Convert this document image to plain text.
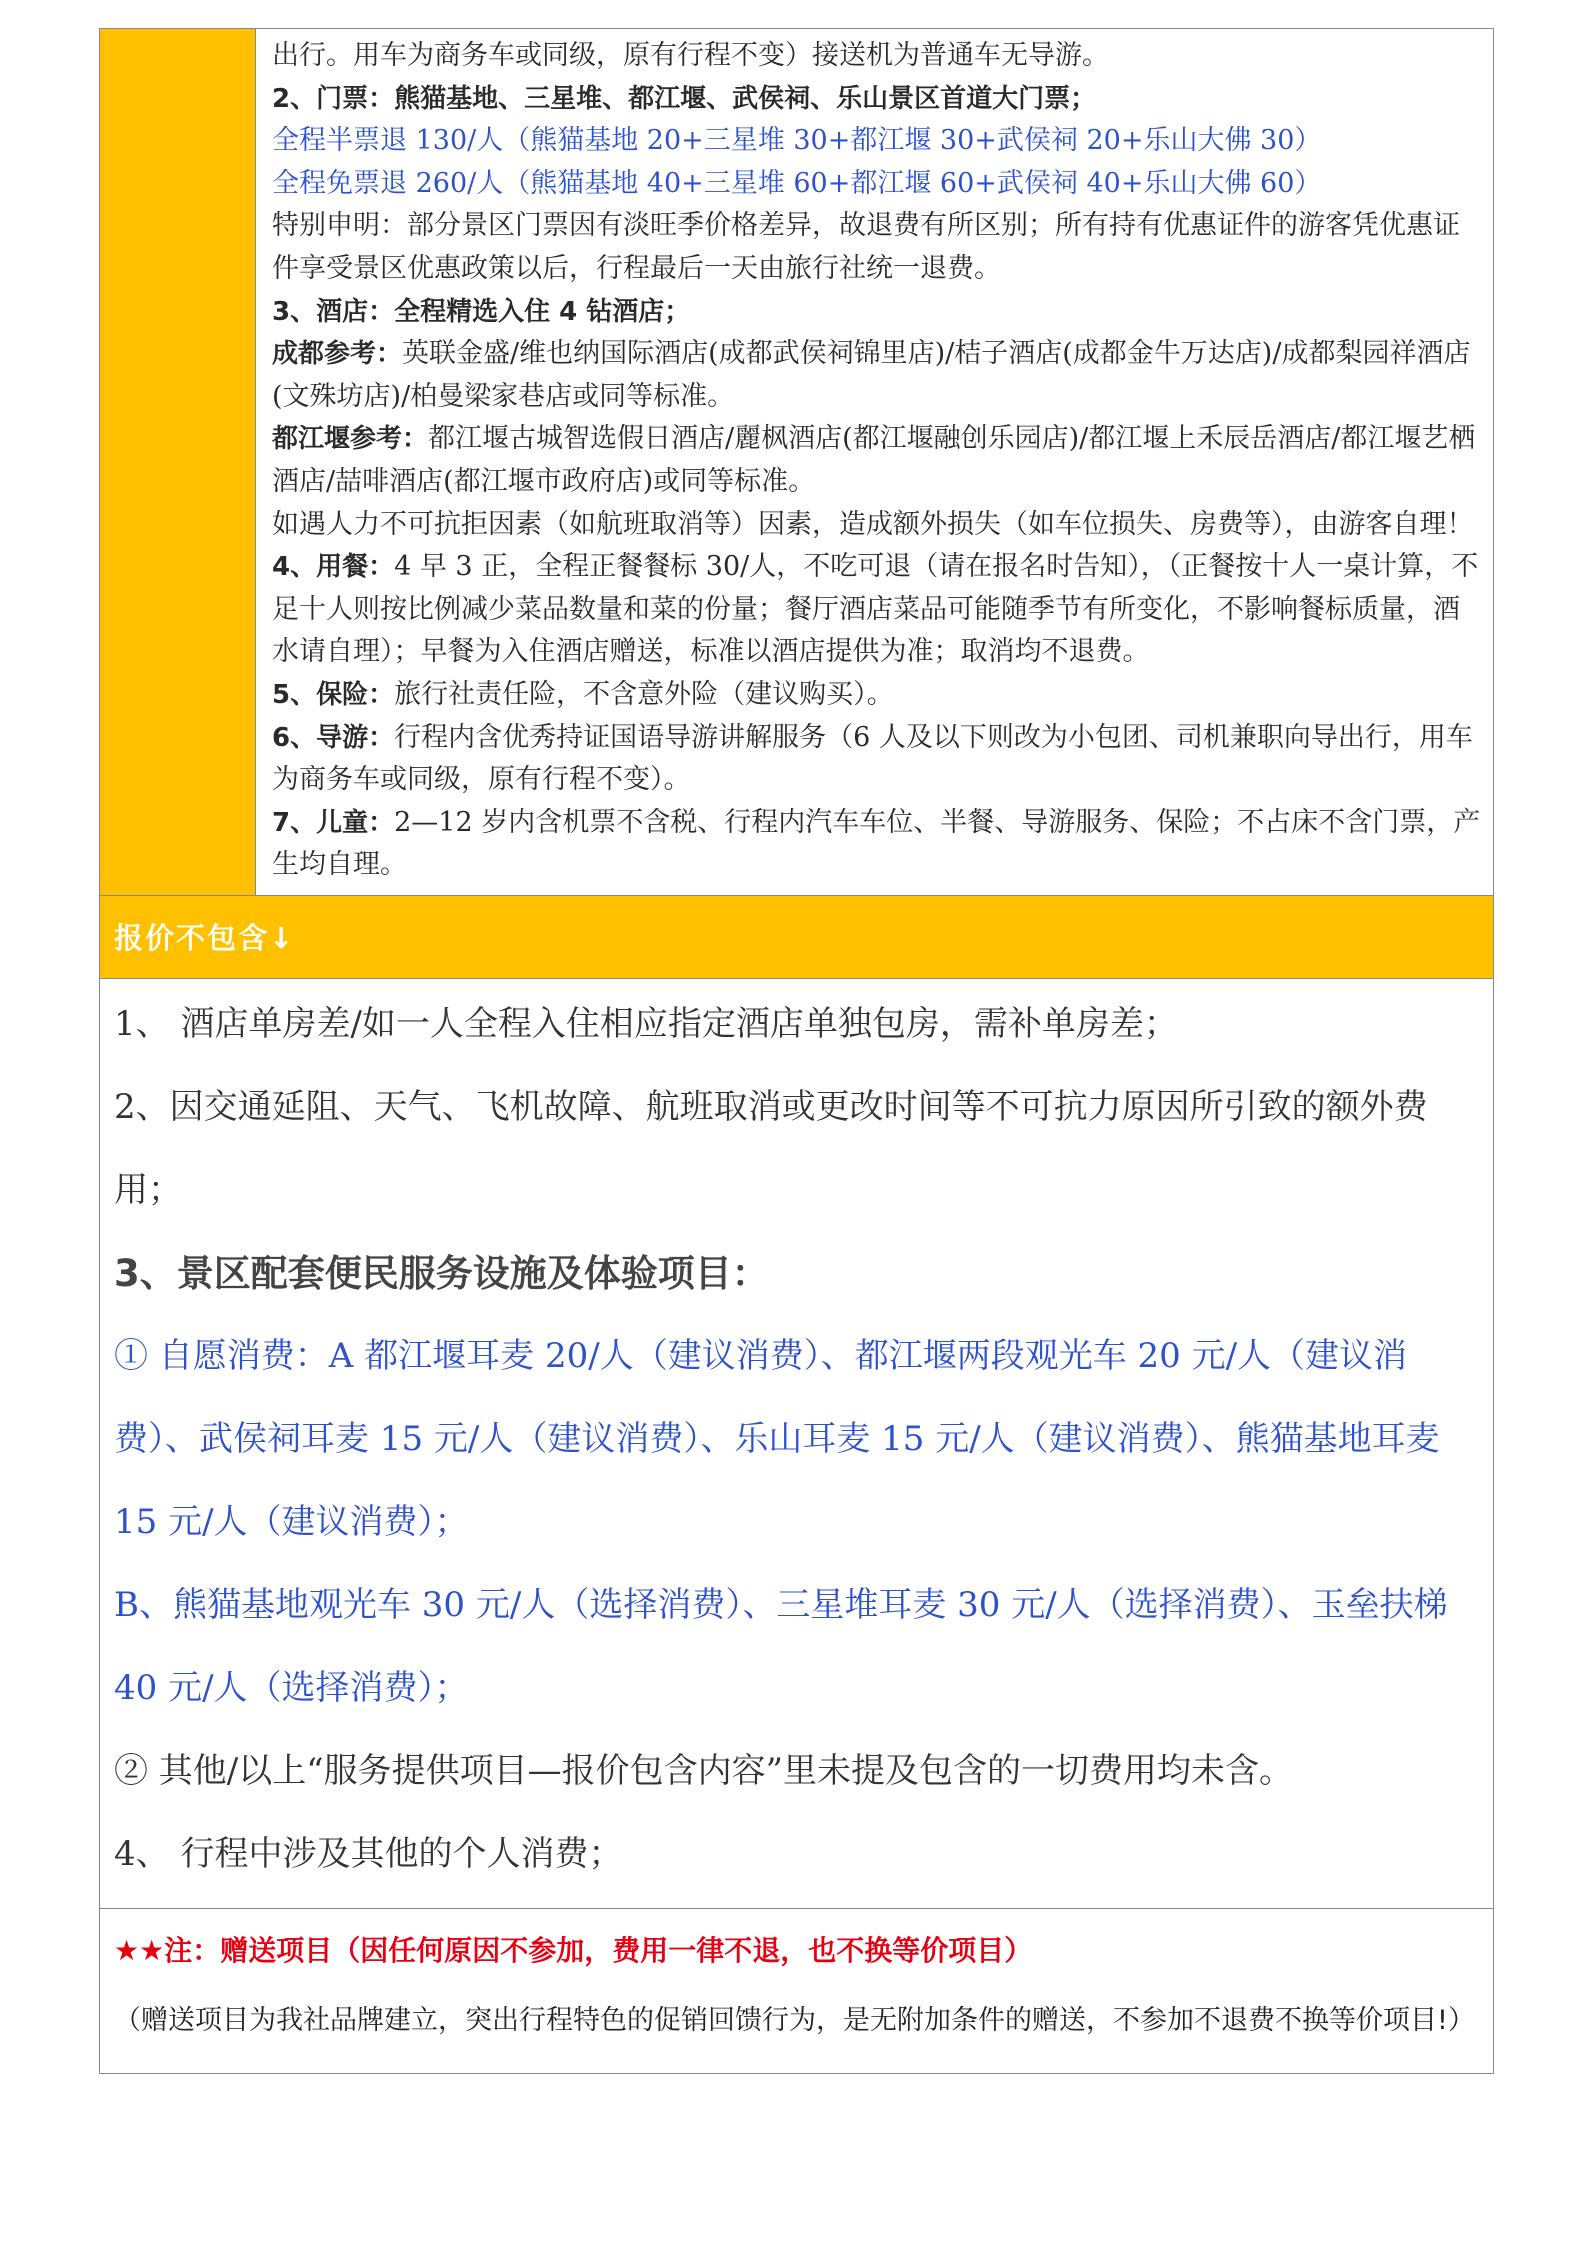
出行。用车为商务车或同级，原有行程不变）接送机为普通车无导游。

2、门票：熊猫基地、三星堆、都江堰、武侯祠、乐山景区首道大门票；

全程半票退 130/人（熊猫基地 20+三星堆 30+都江堰 30+武侯祠 20+乐山大佛 30）

全程免票退 260/人（熊猫基地 40+三星堆 60+都江堰 60+武侯祠 40+乐山大佛 60）

特别申明：部分景区门票因有淡旺季价格差异，故退费有所区别；所有持有优惠证件的游客凭优惠证件享受景区优惠政策以后，行程最后一天由旅行社统一退费。

3、酒店：全程精选入住 4 钻酒店；

成都参考：英联金盛/维也纳国际酒店(成都武侯祠锦里店)/桔子酒店(成都金牛万达店)/成都梨园祥酒店(文殊坊店)/柏曼梁家巷店或同等标准。

都江堰参考：都江堰古城智选假日酒店/麗枫酒店(都江堰融创乐园店)/都江堰上禾辰岳酒店/都江堰艺栖酒店/喆啡酒店(都江堰市政府店)或同等标准。

如遇人力不可抗拒因素（如航班取消等）因素，造成额外损失（如车位损失、房费等），由游客自理！

4、用餐：4 早 3 正，全程正餐餐标 30/人，不吃可退（请在报名时告知），（正餐按十人一桌计算，不足十人则按比例减少菜品数量和菜的份量；餐厅酒店菜品可能随季节有所变化，不影响餐标质量，酒水请自理）；早餐为入住酒店赠送，标准以酒店提供为准；取消均不退费。

5、保险：旅行社责任险，不含意外险（建议购买）。

6、导游：行程内含优秀持证国语导游讲解服务（6 人及以下则改为小包团、司机兼职向导出行，用车为商务车或同级，原有行程不变）。

7、儿童：2—12 岁内含机票不含税、行程内汽车车位、半餐、导游服务、保险；不占床不含门票，产生均自理。

报价不包含↓

1、 酒店单房差/如一人全程入住相应指定酒店单独包房，需补单房差；

2、因交通延阻、天气、飞机故障、航班取消或更改时间等不可抗力原因所引致的额外费用；

3、景区配套便民服务设施及体验项目：

① 自愿消费：A 都江堰耳麦 20/人（建议消费）、都江堰两段观光车 20 元/人（建议消费）、武侯祠耳麦 15 元/人（建议消费）、乐山耳麦 15 元/人（建议消费）、熊猫基地耳麦 15 元/人（建议消费）；

B、熊猫基地观光车 30 元/人（选择消费）、三星堆耳麦 30 元/人（选择消费）、玉垒扶梯 40 元/人（选择消费）；

② 其他/以上“服务提供项目—报价包含内容”里未提及包含的一切费用均未含。

4、 行程中涉及其他的个人消费；

★★注：赠送项目（因任何原因不参加，费用一律不退，也不换等价项目）

（赠送项目为我社品牌建立，突出行程特色的促销回馈行为，是无附加条件的赠送，不参加不退费不换等价项目!）
